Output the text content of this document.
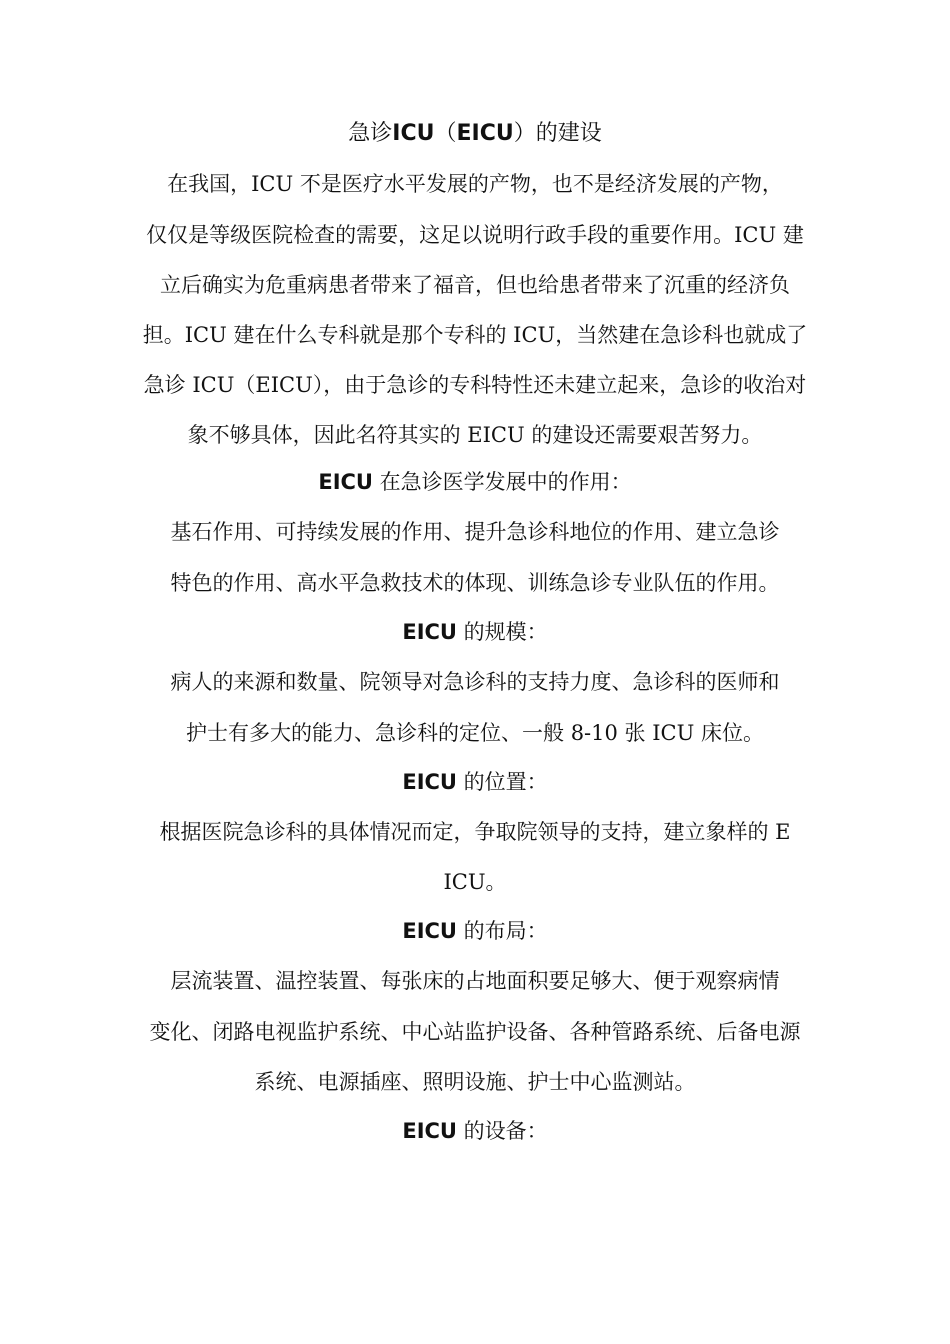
急诊ICU（EICU）的建设
在我国，ICU 不是医疗水平发展的产物，也不是经济发展的产物，
仅仅是等级医院检查的需要，这足以说明行政手段的重要作用。ICU 建
立后确实为危重病患者带来了福音，但也给患者带来了沉重的经济负
担。ICU 建在什么专科就是那个专科的 ICU，当然建在急诊科也就成了
急诊 ICU（EICU），由于急诊的专科特性还未建立起来，急诊的收治对
象不够具体，因此名符其实的 EICU 的建设还需要艰苦努力。
EICU 在急诊医学发展中的作用：
基石作用、可持续发展的作用、提升急诊科地位的作用、建立急诊
特色的作用、高水平急救技术的体现、训练急诊专业队伍的作用。
EICU 的规模：
病人的来源和数量、院领导对急诊科的支持力度、急诊科的医师和
护士有多大的能力、急诊科的定位、一般 8-10 张 ICU 床位。
EICU 的位置：
根据医院急诊科的具体情况而定，争取院领导的支持，建立象样的 E
ICU。
EICU 的布局：
层流装置、温控装置、每张床的占地面积要足够大、便于观察病情
变化、闭路电视监护系统、中心站监护设备、各种管路系统、后备电源
系统、电源插座、照明设施、护士中心监测站。
EICU 的设备：
